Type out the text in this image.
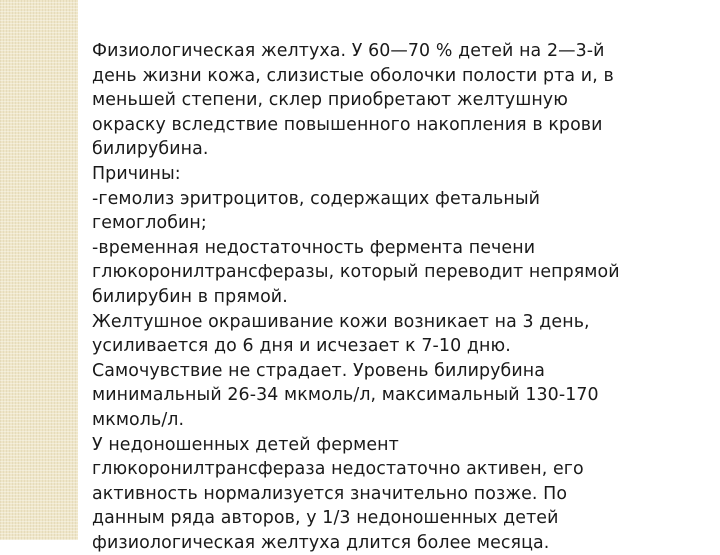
Физиологическая желтуха. У 60—70 % детей на 2—3-й
день жизни кожа, слизистые оболочки полости рта и, в
меньшей степени, склер приобретают желтушную
окраску вследствие повышенного накопления в крови
билирубина.
Причины:
-гемолиз эритроцитов, содержащих фетальный
гемоглобин;
-временная недостаточность фермента печени
глюкоронилтрансферазы, который переводит непрямой
билирубин в прямой.
Желтушное окрашивание кожи возникает на 3 день,
усиливается до 6 дня и исчезает к 7-10 дню.
Самочувствие не страдает. Уровень билирубина
минимальный 26-34 мкмоль/л, максимальный 130-170
мкмоль/л.
У недоношенных детей фермент
глюкоронилтрансфераза недостаточно активен, его
активность нормализуется значительно позже. По
данным ряда авторов, у 1/3 недоношенных детей
физиологическая желтуха длится более месяца.
